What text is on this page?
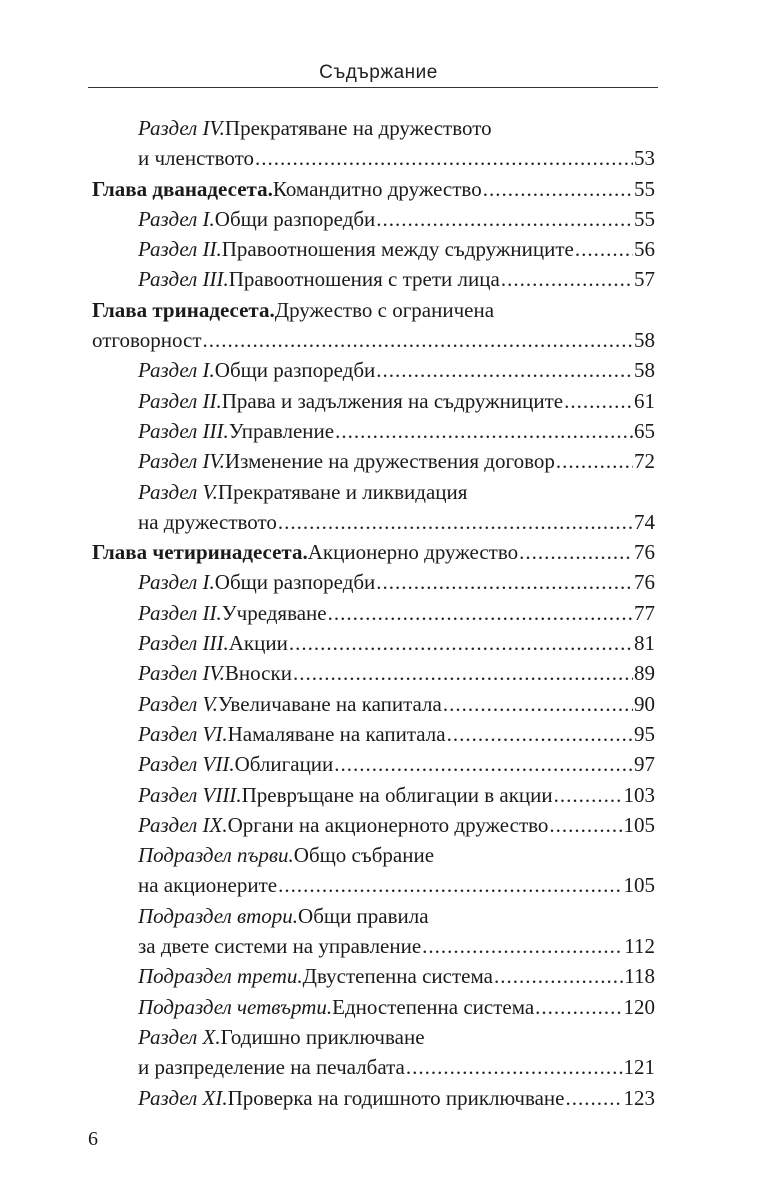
Съдържание
Раздел IV. Прекратяване на дружеството
и членството .....	53
Глава дванадесета. Командитно дружество .....	55
Раздел I. Общи разпоредби .....	55
Раздел II. Правоотношения между съдружниците .....	56
Раздел III. Правоотношения с трети лица .....	57
Глава тринадесета. Дружество с ограничена
отговорност .....	58
Раздел I. Общи разпоредби .....	58
Раздел II. Права и задължения на съдружниците .....	61
Раздел III. Управление .....	65
Раздел IV. Изменение на дружествения договор .....	72
Раздел V. Прекратяване и ликвидация
на дружеството .....	74
Глава четиринадесета. Акционерно дружество .....	76
Раздел I. Общи разпоредби .....	76
Раздел II. Учредяване .....	77
Раздел III. Акции .....	81
Раздел IV. Вноски .....	89
Раздел V. Увеличаване на капитала .....	90
Раздел VI. Намаляване на капитала .....	95
Раздел VII. Облигации .....	97
Раздел VIII. Превръщане на облигации в акции .....	103
Раздел IX. Органи на акционерното дружество .....	105
Подраздел първи. Общо събрание
на акционерите .....	105
Подраздел втори. Общи правила
за двете системи на управление .....	112
Подраздел трети. Двустепенна система .....	118
Подраздел четвърти. Едностепенна система .....	120
Раздел X. Годишно приключване
и разпределение на печалбата .....	121
Раздел XI. Проверка на годишното приключване .....	123
6
